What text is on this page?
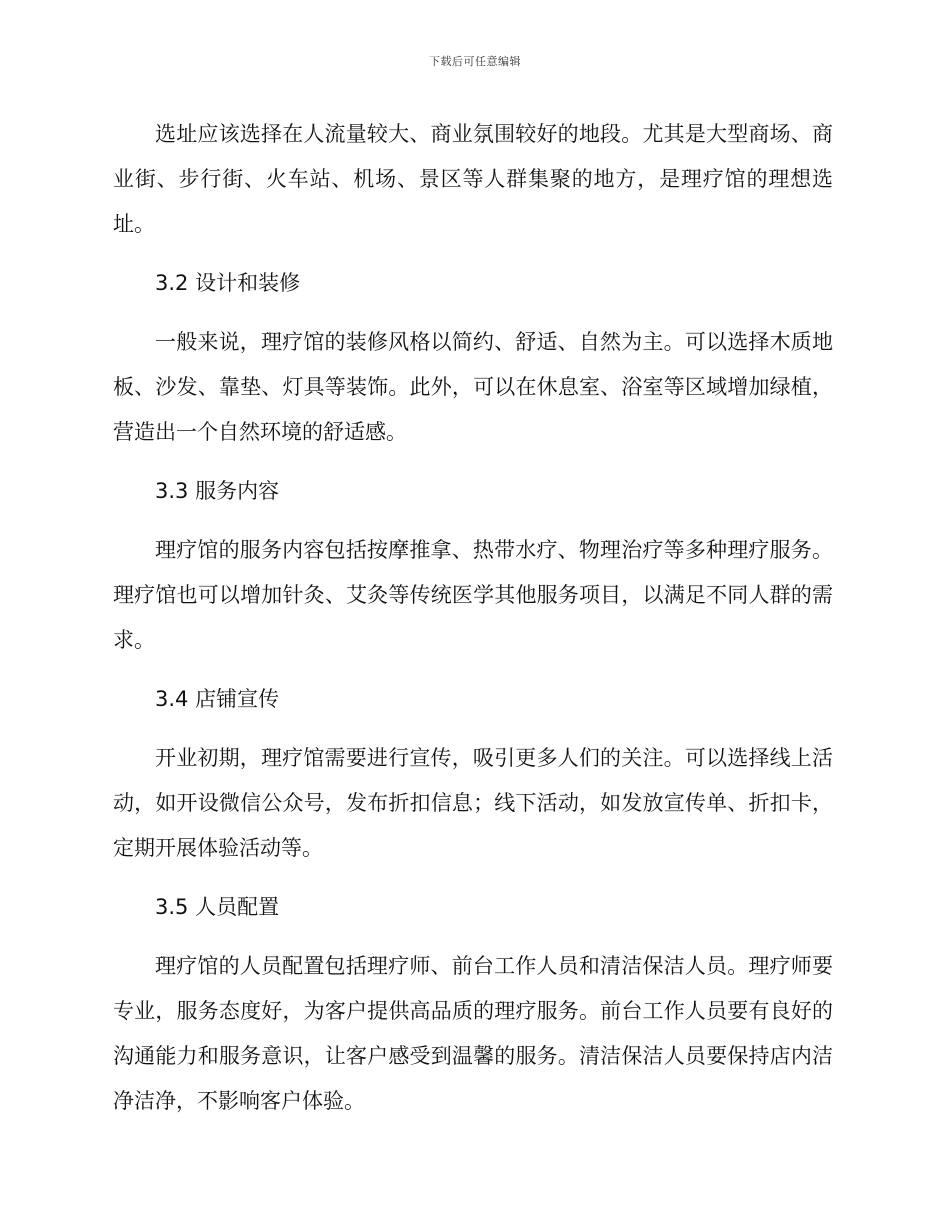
下载后可任意编辑

选址应该选择在人流量较大、商业氛围较好的地段。尤其是大型商场、商业街、步行街、火车站、机场、景区等人群集聚的地方，是理疗馆的理想选址。

3.2 设计和装修

一般来说，理疗馆的装修风格以简约、舒适、自然为主。可以选择木质地板、沙发、靠垫、灯具等装饰。此外，可以在休息室、浴室等区域增加绿植，营造出一个自然环境的舒适感。

3.3 服务内容

理疗馆的服务内容包括按摩推拿、热带水疗、物理治疗等多种理疗服务。理疗馆也可以增加针灸、艾灸等传统医学其他服务项目，以满足不同人群的需求。

3.4 店铺宣传

开业初期，理疗馆需要进行宣传，吸引更多人们的关注。可以选择线上活动，如开设微信公众号，发布折扣信息；线下活动，如发放宣传单、折扣卡，定期开展体验活动等。

3.5 人员配置

理疗馆的人员配置包括理疗师、前台工作人员和清洁保洁人员。理疗师要专业，服务态度好，为客户提供高品质的理疗服务。前台工作人员要有良好的沟通能力和服务意识，让客户感受到温馨的服务。清洁保洁人员要保持店内洁净洁净，不影响客户体验。
